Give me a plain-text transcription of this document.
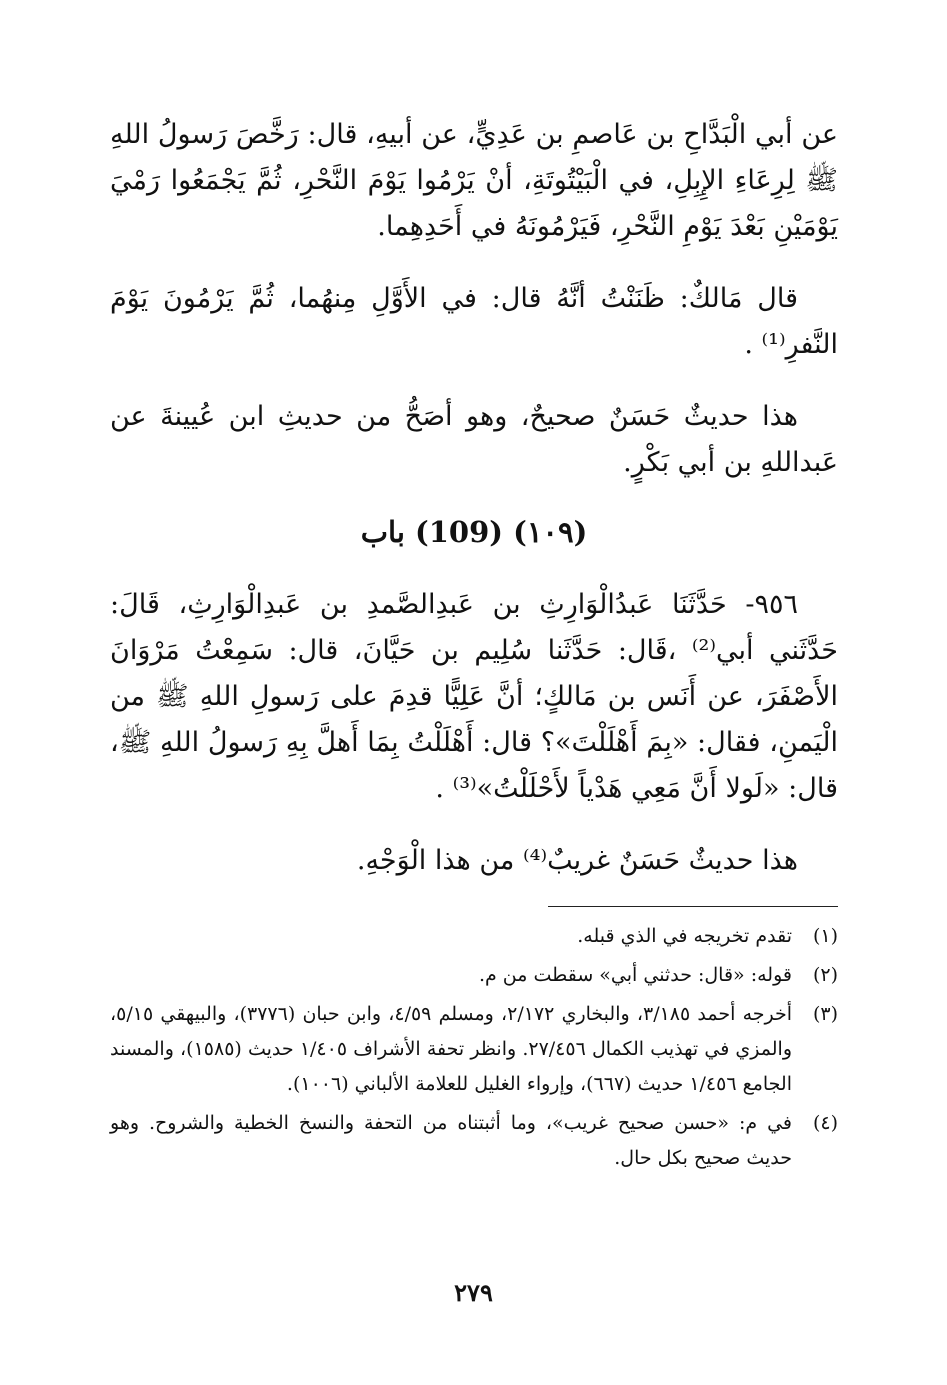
عن أبي الْبَدَّاحِ بن عَاصمِ بن عَدِيٍّ، عن أبيهِ، قال: رَخَّصَ رَسولُ اللهِ ﷺ لِرِعَاءِ الإِبِلِ، في الْبَيْتُوتَةِ، أنْ يَرْمُوا يَوْمَ النَّحْرِ، ثُمَّ يَجْمَعُوا رَمْيَ يَوْمَيْنِ بَعْدَ يَوْمِ النَّحْرِ، فَيَرْمُونَهُ في أَحَدِهِما.

قال مَالكٌ: ظَنَنْتُ أنَّهُ قال: في الأَوَّلِ مِنهُما، ثُمَّ يَرْمُونَ يَوْمَ النَّفرِ⁽¹⁾ .

هذا حديثٌ حَسَنٌ صحيحٌ، وهو أصَحُّ من حديثِ ابن عُيينةَ عن عَبداللهِ بن أبي بَكْرٍ.

(١٠٩) (109) باب

٩٥٦- حَدَّثَنَا عَبدُالْوَارِثِ بن عَبدِالصَّمدِ بن عَبدِالْوَارِثِ، قَالَ: حَدَّثَني أبي⁽²⁾ ،قَال: حَدَّثَنا سُلِيم بن حَيَّانَ، قال: سَمِعْتُ مَرْوَانَ الأَصْفَرَ، عن أَنَس بن مَالكٍ؛ أنَّ عَلِيًّا قدِمَ على رَسولِ اللهِ ﷺ من الْيَمنِ، فقال: «بِمَ أَهْلَلْتَ»؟ قال: أَهْلَلْتُ بِمَا أَهلَّ بِهِ رَسولُ اللهِ ﷺ، قال: «لَولا أَنَّ مَعِي هَدْياً لأَحْلَلْتُ»⁽³⁾ .

هذا حديثٌ حَسَنٌ غريبٌ⁽⁴⁾ من هذا الْوَجْهِ.

(١)
تقدم تخريجه في الذي قبله.
(٢)
قوله: «قال: حدثني أبي» سقطت من م.
(٣)
أخرجه أحمد ٣/١٨٥، والبخاري ٢/١٧٢، ومسلم ٤/٥٩، وابن حبان (٣٧٧٦)، والبيهقي ٥/١٥، والمزي في تهذيب الكمال ٢٧/٤٥٦. وانظر تحفة الأشراف ١/٤٠٥ حديث (١٥٨٥)، والمسند الجامع ١/٤٥٦ حديث (٦٦٧)، وإرواء الغليل للعلامة الألباني (١٠٠٦).
(٤)
في م: «حسن صحيح غريب»، وما أثبتناه من التحفة والنسخ الخطية والشروح. وهو حديث صحيح بكل حال.
٢٧٩
